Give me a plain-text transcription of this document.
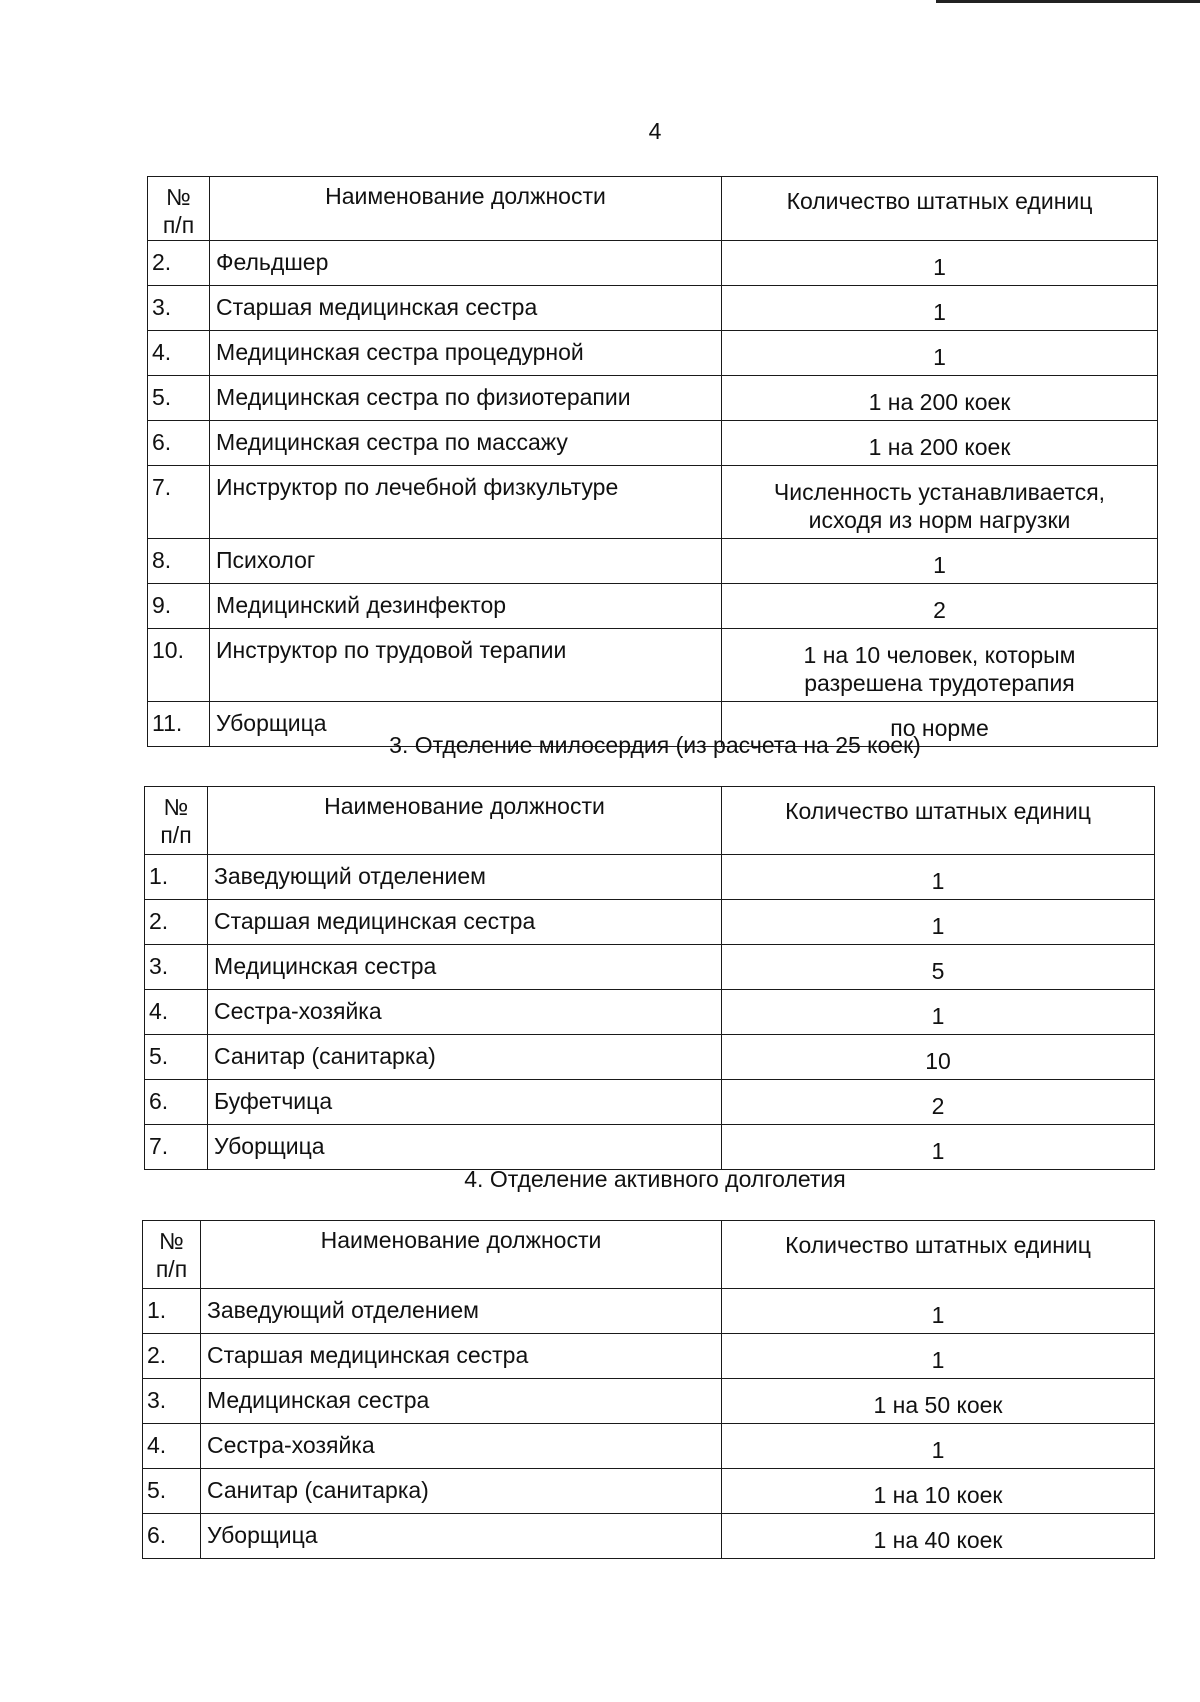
4
№
п/п	Наименование должности	Количество штатных единиц
2.	Фельдшер	1
3.	Старшая медицинская сестра	1
4.	Медицинская сестра процедурной	1
5.	Медицинская сестра по физиотерапии	1 на 200 коек
6.	Медицинская сестра по массажу	1 на 200 коек
7.	Инструктор по лечебной физкультуре	Численность устанавливается,
исходя из норм нагрузки

8.	Психолог	1
9.	Медицинский дезинфектор	2
10.	Инструктор по трудовой терапии	1 на 10 человек, которым
разрешена трудотерапия

11.	Уборщица	по норме
3. Отделение милосердия (из расчета на 25 коек)
№
п/п	Наименование должности	Количество штатных единиц
1.	Заведующий отделением	1
2.	Старшая медицинская сестра	1
3.	Медицинская сестра	5
4.	Сестра-хозяйка	1
5.	Санитар (санитарка)	10
6.	Буфетчица	2
7.	Уборщица	1
4. Отделение активного долголетия
№
п/п	Наименование должности	Количество штатных единиц
1.	Заведующий отделением	1
2.	Старшая медицинская сестра	1
3.	Медицинская сестра	1 на 50 коек
4.	Сестра-хозяйка	1
5.	Санитар (санитарка)	1 на 10 коек
6.	Уборщица	1 на 40 коек
